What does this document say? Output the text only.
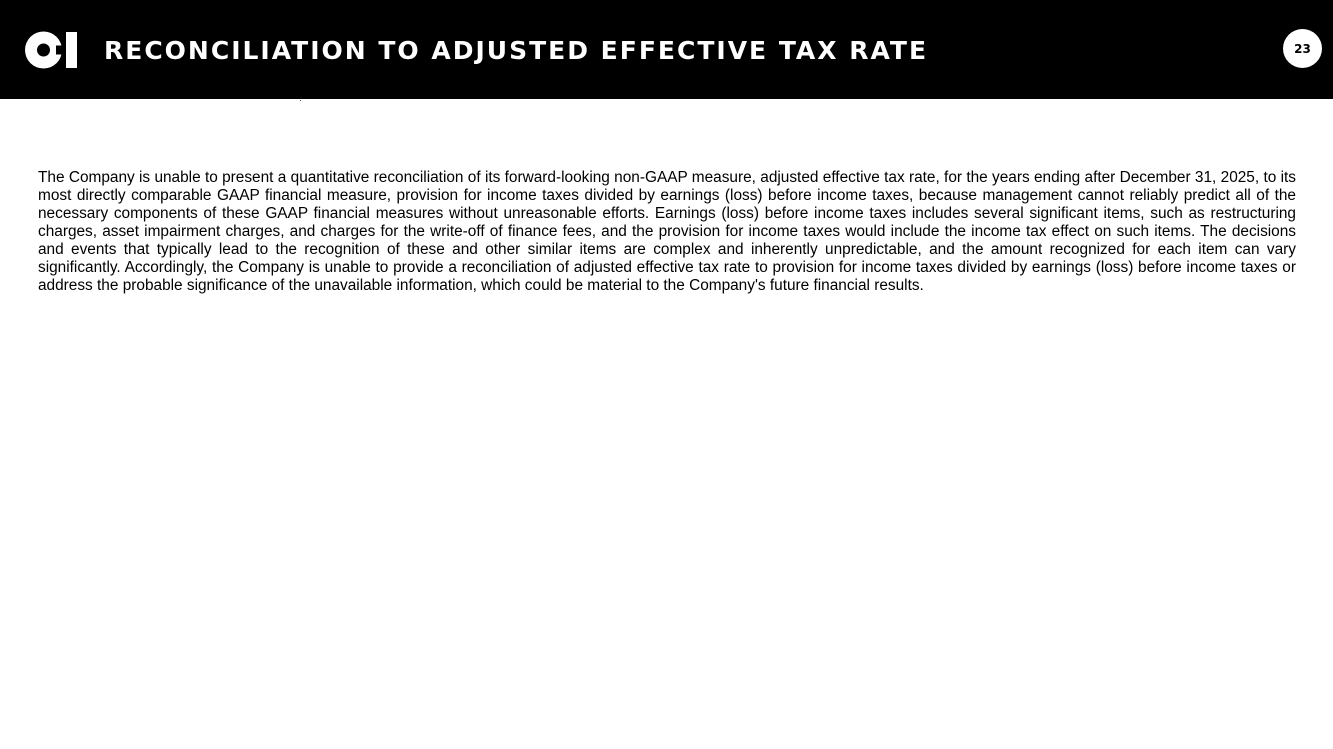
RECONCILIATION TO ADJUSTED EFFECTIVE TAX RATE	23

The Company is unable to present a quantitative reconciliation of its forward-looking non-GAAP measure, adjusted effective tax rate, for the years ending after December 31, 2025, to its most directly comparable GAAP financial measure, provision for income taxes divided by earnings (loss) before income taxes, because management cannot reliably predict all of the necessary components of these GAAP financial measures without unreasonable efforts. Earnings (loss) before income taxes includes several significant items, such as restructuring charges, asset impairment charges, and charges for the write-off of finance fees, and the provision for income taxes would include the income tax effect on such items. The decisions and events that typically lead to the recognition of these and other similar items are complex and inherently unpredictable, and the amount recognized for each item can vary significantly. Accordingly, the Company is unable to provide a reconciliation of adjusted effective tax rate to provision for income taxes divided by earnings (loss) before income taxes or address the probable significance of the unavailable information, which could be material to the Company's future financial results.
